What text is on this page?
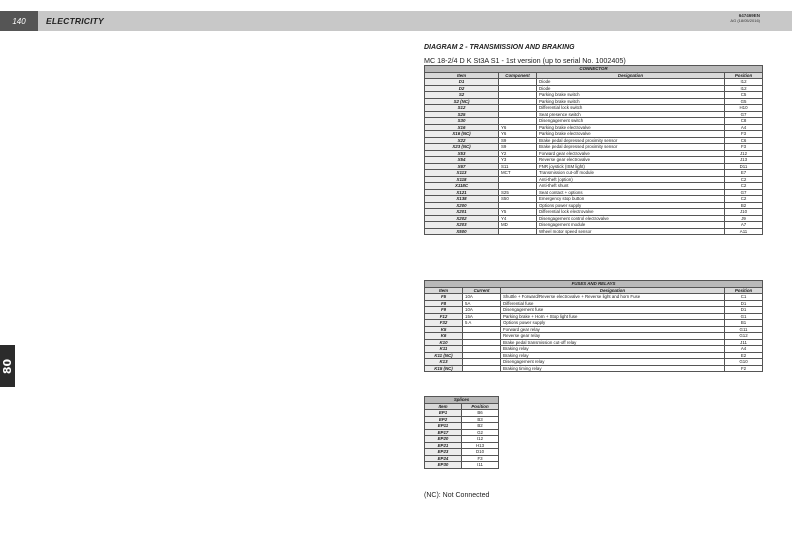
140	ELECTRICITY
647469EN
AG (18/05/2016)
80
DIAGRAM 2 - TRANSMISSION AND BRAKING
MC 18-2/4 D K St3A S1 - 1st version (up to serial No. 1002405)
CONNECTOR			
Item	Component	Designation	Position
D1		Diode	I12
D2		Diode	I12
S2		Parking brake switch	C5
S2 (NC)		Parking brake switch	G5
S12		Differential lock switch	H10
S25		Seat presence switch	G7
S30		Disengagement switch	C8
X16	Y6	Parking brake electrovalve	A4
X16 (NC)	Y6	Parking brake electrovalve	F3
X22	S9	Brake pedal depressed proximity sensor	C6
X23 (NC)	S9	Brake pedal depressed proximity sensor	F3
X53	Y2	Forward gear electrovalve	J12
X54	Y3	Reverse gear electrovalve	J13
X67	S11	FNR joystick (ISM light)	D11
X113	MCT	Transmission cut-off module	E7
X118		Anti-theft (option)	C2
X118C		Anti-theft shunt	C2
X121	S25	Seat contact + options	G7
X138	S50	Emergency stop button	C2
X200		Options power supply	B2
X201	Y5	Differential lock electrovalve	J10
X202	Y4	Disengagement control electrovalve	J9
X203	MD	Disengagement module	A7
X500		Wheel motor speed sensor	A11
FUSES AND RELAYS			
Item	Current	Designation	Position
F5	10A	Shuttle + Forward/Reverse electrovalve + Reverse light and horn Fuse	C1
F8	5A	Differential fuse	D1
F9	10A	Disengagement fuse	D1
F12	15A	Parking brake + Horn + Stop light fuse	G1
F32	5 A	Options power supply	B1
K5		Forward gear relay	G11
K6		Reverse gear relay	G12
K10		Brake pedal transmission cut-off relay	J11
K11		Braking relay	A4
K11 (NC)		Braking relay	E2
K13		Disengagement relay	G10
K15 (NC)		Braking timing relay	F2
Splices	
Item	Position
EP1	B6
EP2	B3
EP11	B2
EP17	G2
EP20	I12
EP21	H13
EP23	D10
EP24	F3
EP30	I11
(NC): Not Connected
